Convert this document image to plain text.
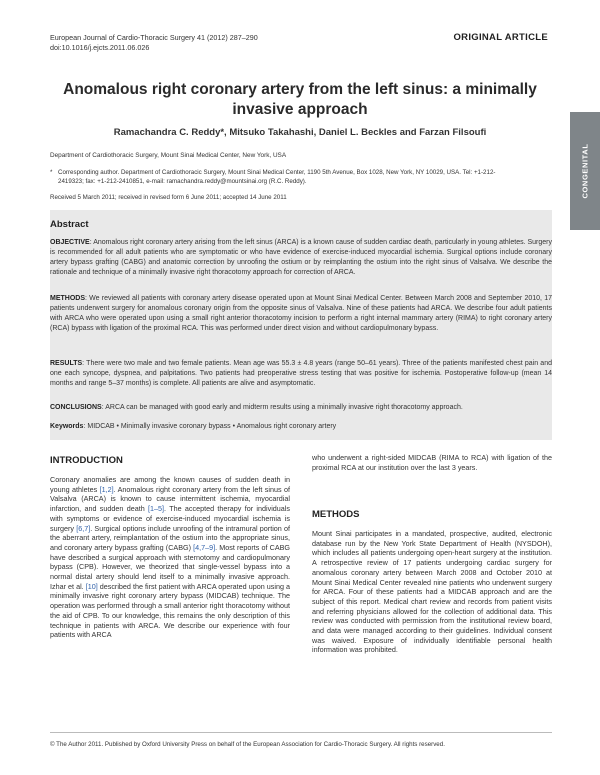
European Journal of Cardio-Thoracic Surgery 41 (2012) 287–290
doi:10.1016/j.ejcts.2011.06.026
ORIGINAL ARTICLE
CONGENITAL
Anomalous right coronary artery from the left sinus: a minimally invasive approach
Ramachandra C. Reddy*, Mitsuko Takahashi, Daniel L. Beckles and Farzan Filsoufi
Department of Cardiothoracic Surgery, Mount Sinai Medical Center, New York, USA
* Corresponding author. Department of Cardiothoracic Surgery, Mount Sinai Medical Center, 1190 5th Avenue, Box 1028, New York, NY 10029, USA. Tel: +1-212-2419323; fax: +1-212-2410851, e-mail: ramachandra.reddy@mountsinai.org (R.C. Reddy).
Received 5 March 2011; received in revised form 6 June 2011; accepted 14 June 2011
Abstract
OBJECTIVE: Anomalous right coronary artery arising from the left sinus (ARCA) is a known cause of sudden cardiac death, particularly in young athletes. Surgery is recommended for all adult patients who are symptomatic or who have evidence of exercise-induced myocardial ischemia. Surgical options include coronary artery bypass grafting (CABG) and anatomic correction by unroofing the ostium or by reimplanting the ostium into the right sinus of Valsalva. We describe the rationale and technique of a minimally invasive right thoracotomy approach for correction of ARCA.
METHODS: We reviewed all patients with coronary artery disease operated upon at Mount Sinai Medical Center. Between March 2008 and September 2010, 17 patients underwent surgery for anomalous coronary origin from the opposite sinus of Valsalva. Nine of these patients had ARCA. We describe four adult patients with ARCA who were operated upon using a small right anterior thoracotomy incision to perform a right internal mammary artery (RIMA) to right coronary artery (RCA) bypass with ligation of the proximal RCA. This was performed under direct vision and without cardiopulmonary bypass.
RESULTS: There were two male and two female patients. Mean age was 55.3 ± 4.8 years (range 50–61 years). Three of the patients manifested chest pain and one each syncope, dyspnea, and palpitations. Two patients had preoperative stress testing that was positive for ischemia. Postoperative follow-up (mean 14 months and range 5–37 months) is complete. All patients are alive and asymptomatic.
CONCLUSIONS: ARCA can be managed with good early and midterm results using a minimally invasive right thoracotomy approach.
Keywords: MIDCAB • Minimally invasive coronary bypass • Anomalous right coronary artery
INTRODUCTION
Coronary anomalies are among the known causes of sudden death in young athletes [1,2]. Anomalous right coronary artery from the left sinus of Valsalva (ARCA) is known to cause intermittent ischemia, myocardial infarction, and sudden death [1–5]. The accepted therapy for individuals with symptoms or evidence of exercise-induced myocardial ischemia is surgery [6,7]. Surgical options include unroofing of the intramural portion of the aberrant artery, reimplantation of the ostium into the appropriate sinus, and coronary artery bypass grafting (CABG) [4,7–9]. Most reports of CABG have described a surgical approach with sternotomy and cardiopulmonary bypass (CPB). However, we theorized that single-vessel bypass into a normal distal artery should lend itself to a minimally invasive approach. Izhar et al. [10] described the first patient with ARCA operated upon using a minimally invasive right coronary artery bypass (MIDCAB) technique. The operation was performed through a small anterior right thoracotomy without the aid of CPB. To our knowledge, this remains the only description of this technique in patients with ARCA. We describe our experience with four patients with ARCA
who underwent a right-sided MIDCAB (RIMA to RCA) with ligation of the proximal RCA at our institution over the last 3 years.
METHODS
Mount Sinai participates in a mandated, prospective, audited, electronic database run by the New York State Department of Health (NYSDOH), which includes all patients undergoing open-heart surgery at the institution. A retrospective review of 17 patients undergoing cardiac surgery for anomalous coronary artery between March 2008 and October 2010 at Mount Sinai Medical Center revealed nine patients who underwent surgery for ARCA. Four of these patients had a MIDCAB approach and are the subject of this report. Medical chart review and records from patient visits and referring physicians allowed for the collection of additional data. This review was conducted with permission from the institutional review board, and data were managed according to their guidelines. Individual consent was waived. Exposure of individually identifiable personal health information was prohibited.
© The Author 2011. Published by Oxford University Press on behalf of the European Association for Cardio-Thoracic Surgery. All rights reserved.
